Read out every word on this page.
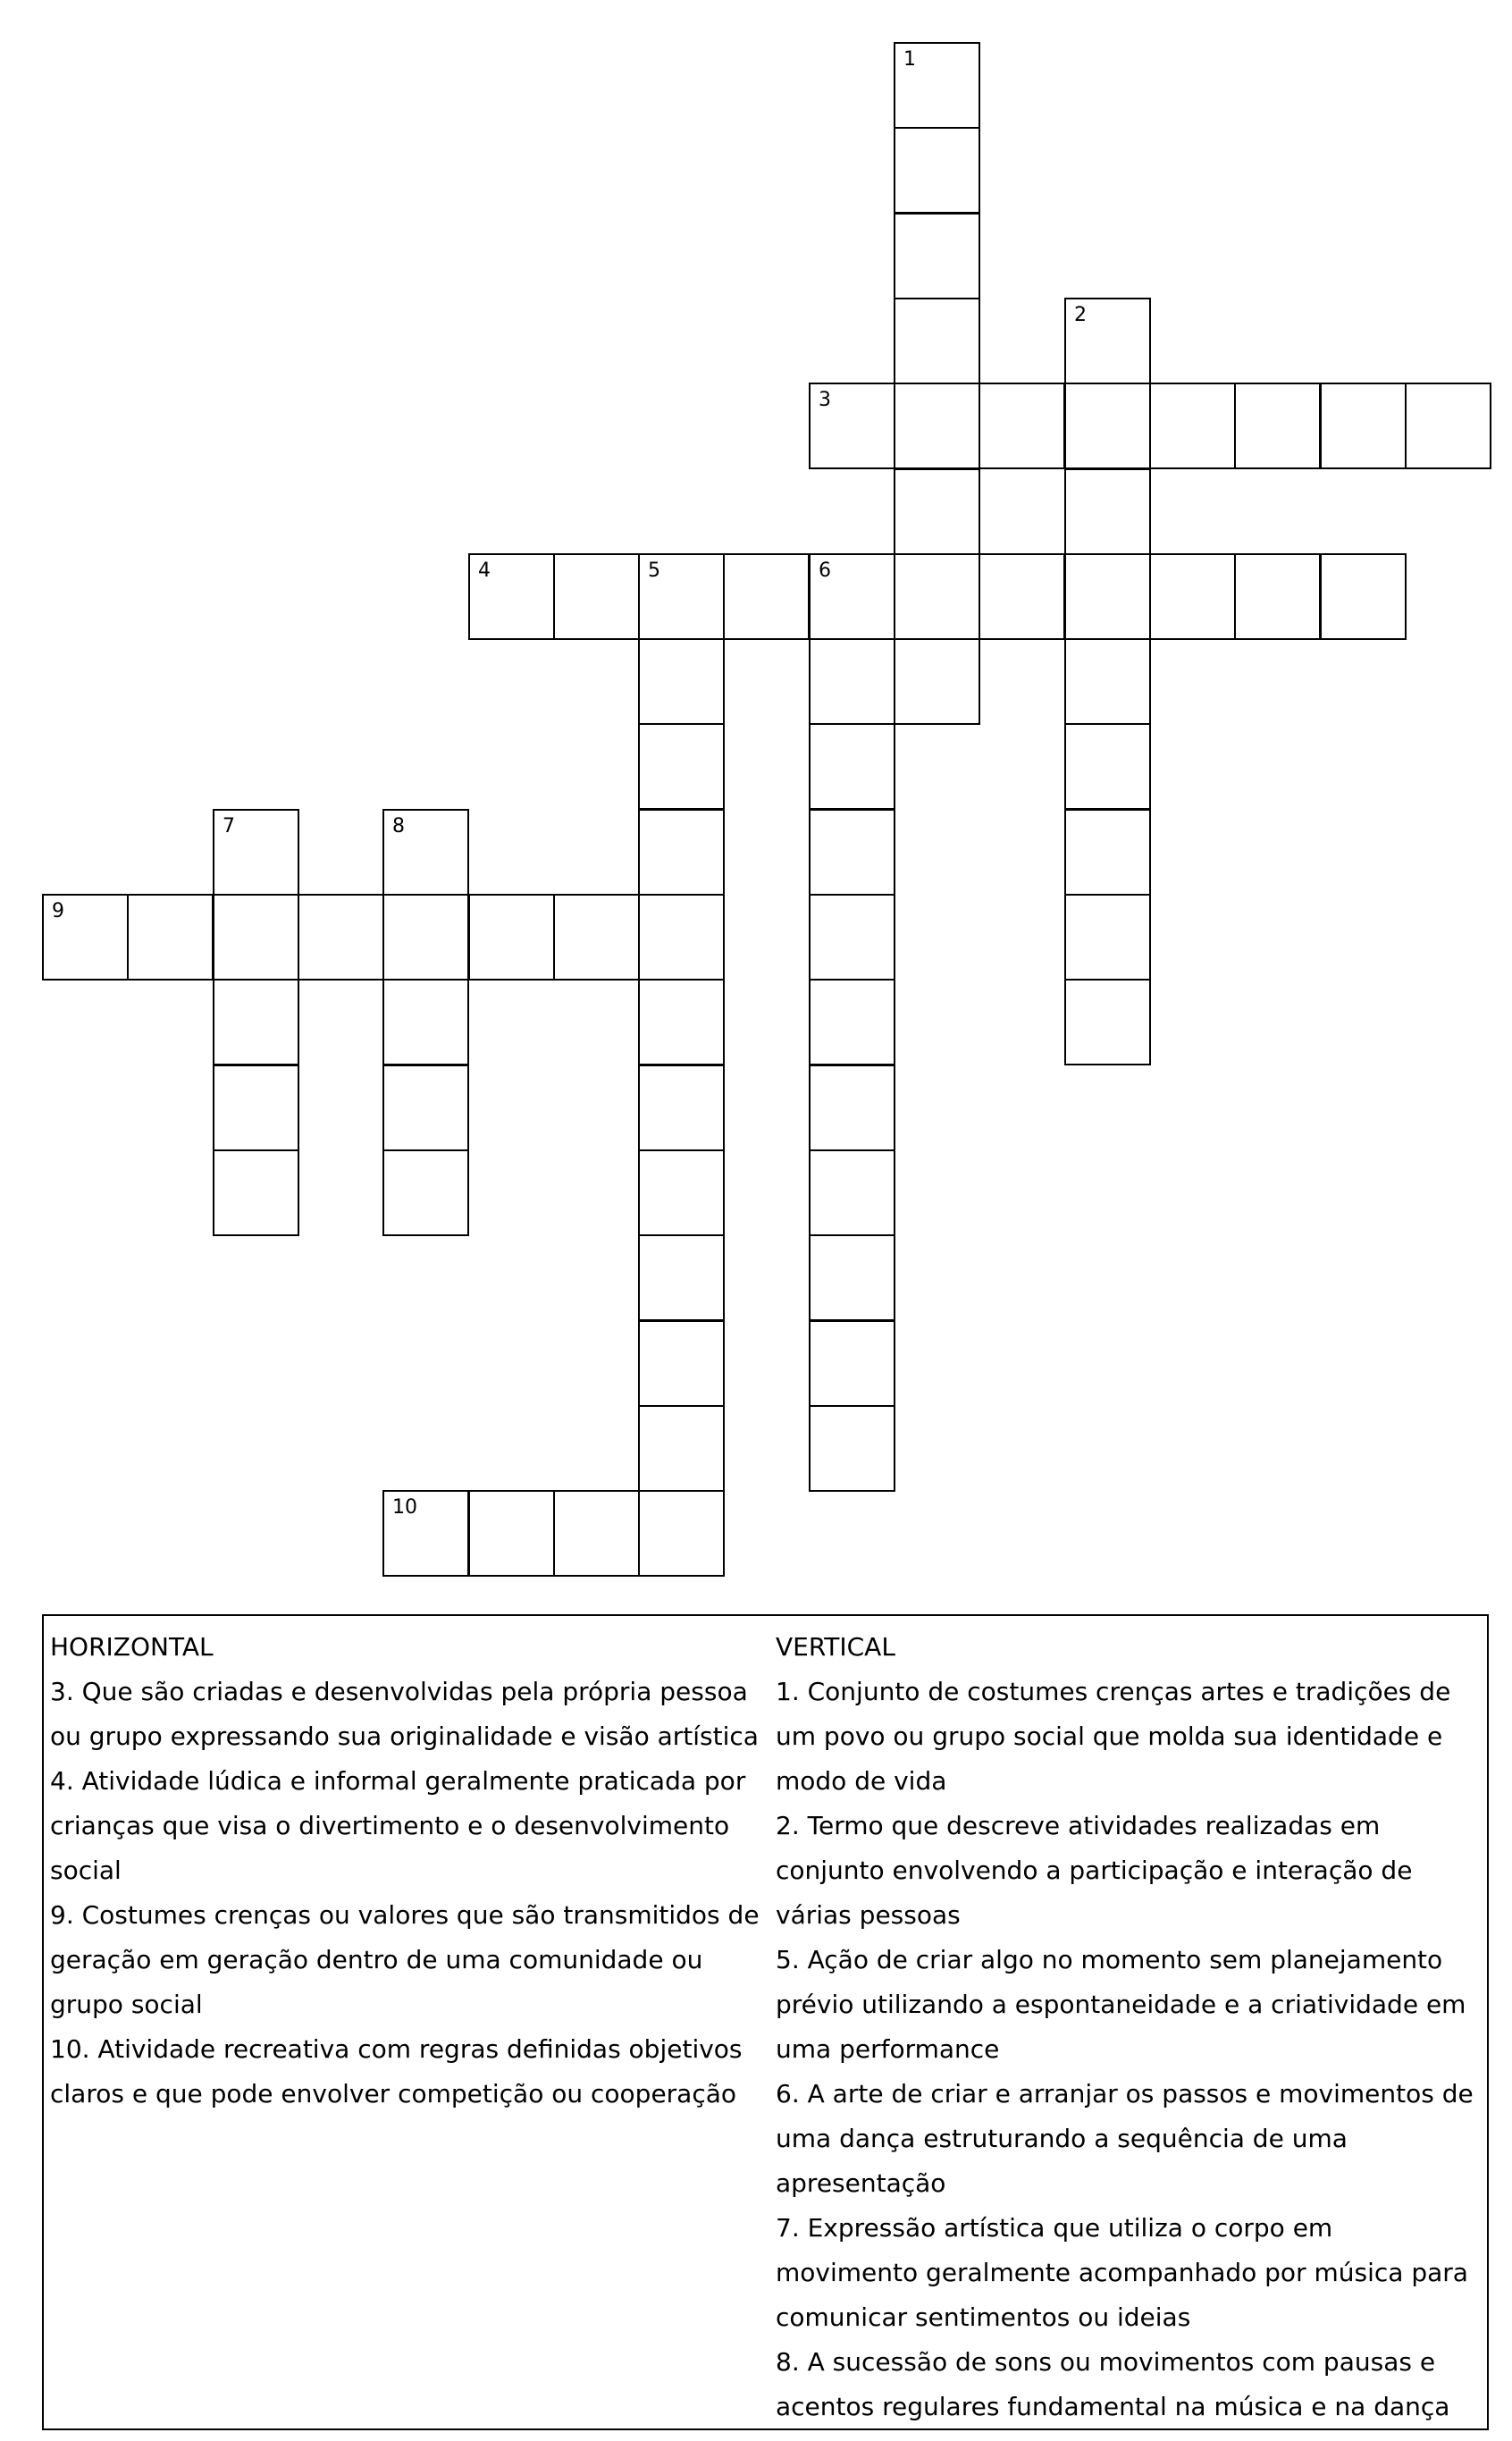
1
2
3
4	5	6
7	8
9
10
HORIZONTAL
3. Que são criadas e desenvolvidas pela própria pessoa ou grupo expressando sua originalidade e visão artística
4. Atividade lúdica e informal geralmente praticada por crianças que visa o divertimento e o desenvolvimento social
9. Costumes crenças ou valores que são transmitidos de geração em geração dentro de uma comunidade ou grupo social
10. Atividade recreativa com regras definidas objetivos claros e que pode envolver competição ou cooperação
VERTICAL
1. Conjunto de costumes crenças artes e tradições de um povo ou grupo social que molda sua identidade e modo de vida
2. Termo que descreve atividades realizadas em conjunto envolvendo a participação e interação de várias pessoas
5. Ação de criar algo no momento sem planejamento prévio utilizando a espontaneidade e a criatividade em uma performance
6. A arte de criar e arranjar os passos e movimentos de uma dança estruturando a sequência de uma apresentação
7. Expressão artística que utiliza o corpo em movimento geralmente acompanhado por música para comunicar sentimentos ou ideias
8. A sucessão de sons ou movimentos com pausas e acentos regulares fundamental na música e na dança
